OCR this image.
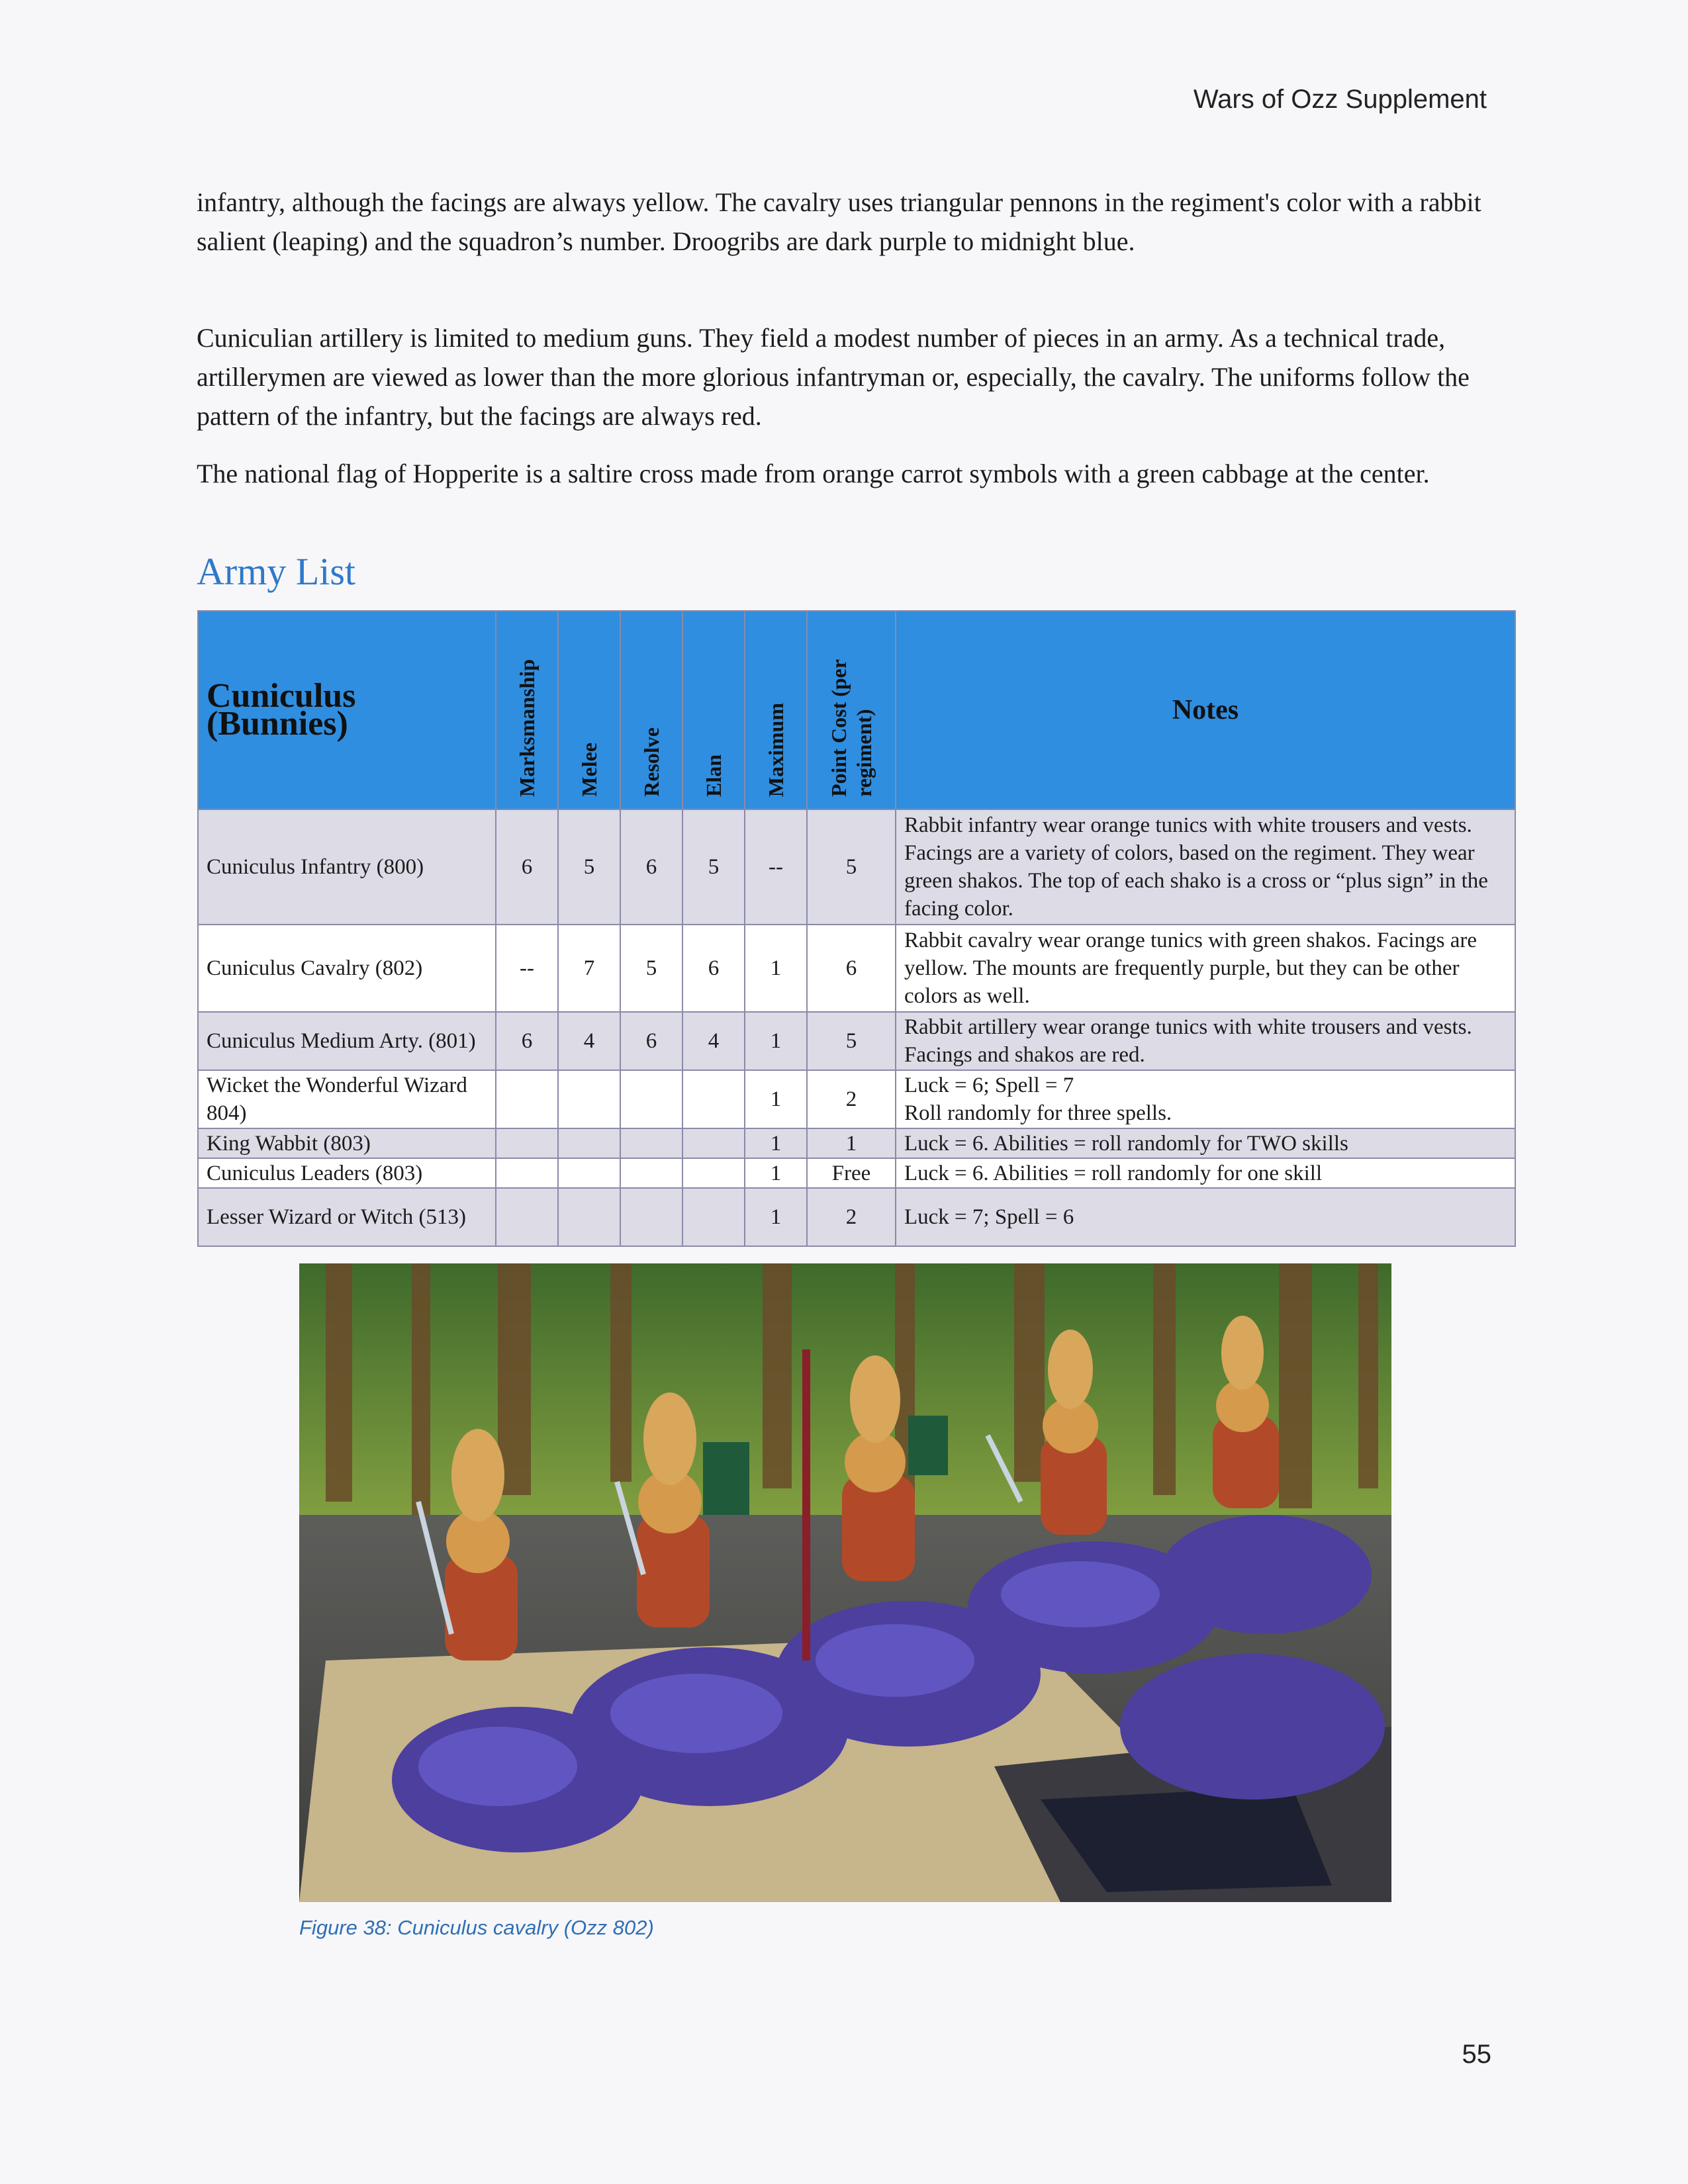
Wars of Ozz Supplement

infantry, although the facings are always yellow. The cavalry uses triangular pennons in the regiment's color with a rabbit salient (leaping) and the squadron’s number. Droogribs are dark purple to midnight blue.

Cuniculian artillery is limited to medium guns. They field a modest number of pieces in an army. As a technical trade, artillerymen are viewed as lower than the more glorious infantryman or, especially, the cavalry. The uniforms follow the pattern of the infantry, but the facings are always red.

The national flag of Hopperite is a saltire cross made from orange carrot symbols with a green cabbage at the center.

Army List
Cuniculus (Bunnies)	Marksmanship	Melee	Resolve	Elan	Maximum	Point Cost (per regiment)	Notes
Cuniculus Infantry (800)	6	5	6	5	--	5	Rabbit infantry wear orange tunics with white trousers and vests. Facings are a variety of colors, based on the regiment. They wear green shakos. The top of each shako is a cross or “plus sign” in the facing color.
Cuniculus Cavalry (802)	--	7	5	6	1	6	Rabbit cavalry wear orange tunics with green shakos. Facings are yellow. The mounts are frequently purple, but they can be other colors as well.
Cuniculus Medium Arty. (801)	6	4	6	4	1	5	Rabbit artillery wear orange tunics with white trousers and vests. Facings and shakos are red.
Wicket the Wonderful Wizard 804)					1	2	Luck = 6; Spell = 7
Roll randomly for three spells.

King Wabbit (803)					1	1	Luck = 6. Abilities = roll randomly for TWO skills
Cuniculus Leaders (803)					1	Free	Luck = 6. Abilities = roll randomly for one skill
Lesser Wizard or Witch (513)					1	2	Luck = 7; Spell = 6
Figure 38: Cuniculus cavalry (Ozz 802)
55
